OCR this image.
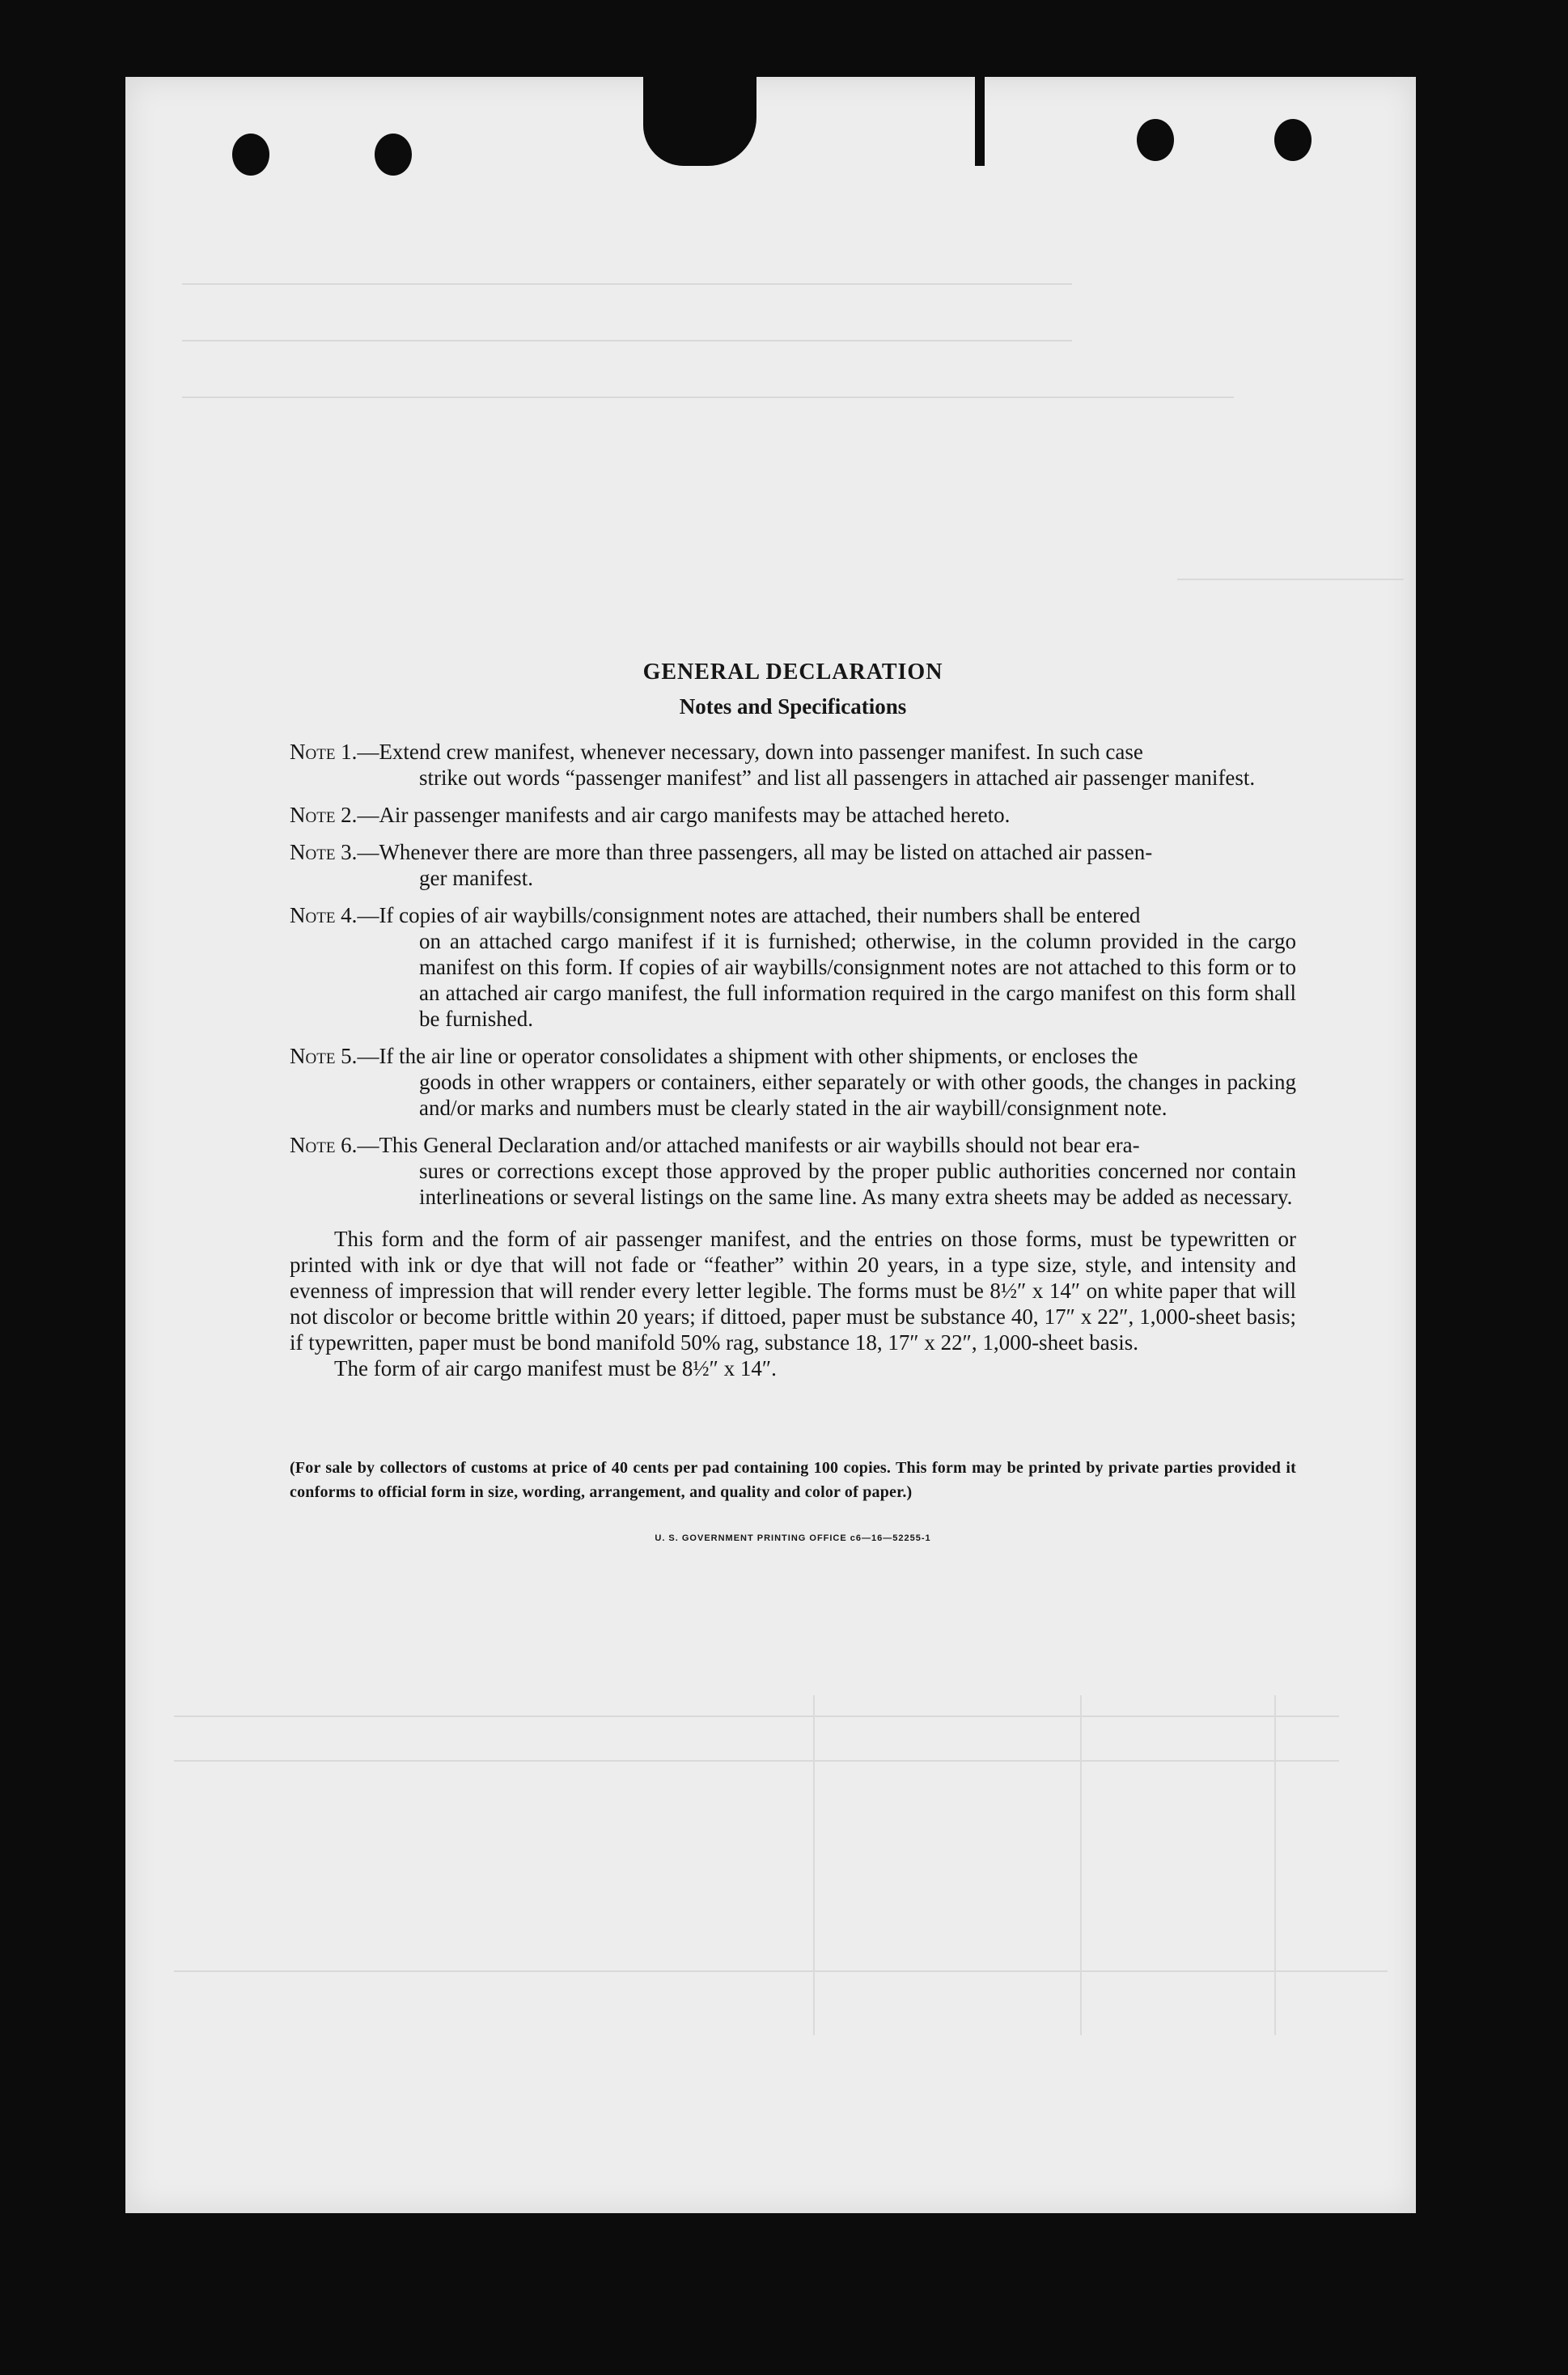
GENERAL DECLARATION
Notes and Specifications
Note 1.—Extend crew manifest, whenever necessary, down into passenger manifest. In such case
strike out words “passenger manifest” and list all passengers in attached air passenger manifest.
Note 2.—Air passenger manifests and air cargo manifests may be attached hereto.
Note 3.—Whenever there are more than three passengers, all may be listed on attached air passen-
ger manifest.
Note 4.—If copies of air waybills/consignment notes are attached, their numbers shall be entered
on an attached cargo manifest if it is furnished; otherwise, in the column provided in the cargo manifest on this form. If copies of air waybills/consignment notes are not attached to this form or to an attached air cargo manifest, the full information required in the cargo manifest on this form shall be furnished.
Note 5.—If the air line or operator consolidates a shipment with other shipments, or encloses the
goods in other wrappers or containers, either separately or with other goods, the changes in packing and/or marks and numbers must be clearly stated in the air waybill/consignment note.
Note 6.—This General Declaration and/or attached manifests or air waybills should not bear era-
sures or corrections except those approved by the proper public authorities concerned nor contain interlineations or several listings on the same line. As many extra sheets may be added as necessary.
This form and the form of air passenger manifest, and the entries on those forms, must be typewritten or printed with ink or dye that will not fade or “feather” within 20 years, in a type size, style, and intensity and evenness of impression that will render every letter legible. The forms must be 8½″ x 14″ on white paper that will not discolor or become brittle within 20 years; if dittoed, paper must be substance 40, 17″ x 22″, 1,000-sheet basis; if typewritten, paper must be bond manifold 50% rag, substance 18, 17″ x 22″, 1,000-sheet basis.
The form of air cargo manifest must be 8½″ x 14″.
(For sale by collectors of customs at price of 40 cents per pad containing 100 copies. This form may be printed by private parties provided it conforms to official form in size, wording, arrangement, and quality and color of paper.)
U. S. GOVERNMENT PRINTING OFFICE c6—16—52255-1
